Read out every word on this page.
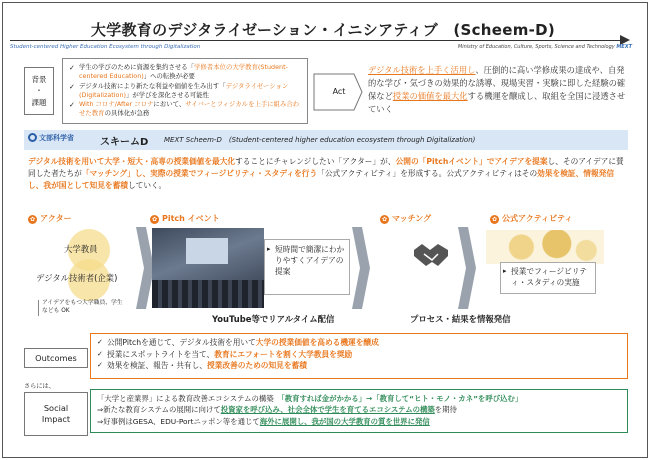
大学教育のデジタライゼーション・イニシアティブ　(Scheem-D)
Student-centered Higher Education Ecosystem through Digitalization	Ministry of Education, Culture, Sports, Science and Technology MEXT
背景
・
課題
✓ 学生の学びのために資源を集約させる「学修者本位の大学教育(Student-centered Education)」への転換が必要
✓ デジタル技術により新たな利益や価値を生み出す「デジタライゼーション(Digitalization)」が学びを深化させる可能性
✓ With コロナ/After コロナにおいて、サイバーとフィジカルを上手に組み合わせた教育の具体化が急務
Act
デジタル技術を上手く活用し、圧倒的に高い学修成果の達成や、自発的な学び・気づきの効果的な誘導、現場実習・実験に即した経験の確保など授業の価値を最大化する機運を醸成し、取組を全国に浸透させていく
文部科学省	スキームD MEXT Scheem-D　(Student-centered higher education ecosystem through Digitalization)
デジタル技術を用いて大学・短大・高専の授業価値を最大化することにチャレンジしたい「アクター」が、公開の「Pitchイベント」でアイデアを提案し、そのアイデアに賛同した者たちが「マッチング」し、実際の授業でフィージビリティ・スタディを行う「公式アクティビティ」を形成する。公式アクティビティはその効果を検証、情報発信し、我が国として知見を蓄積していく。
✿ アクター
大学教員
デジタル技術者(企業)
アイデアをもつ大学職員、学生なども OK
✿ Pitch イベント
▸ 短時間で簡潔にわかりやすくアイデアの提案
YouTube等でリアルタイム配信
✿ マッチング	✿ 公式アクティビティ
▸ 授業でフィージビリティ・スタディの実施
プロセス・結果を情報発信
Outcomes
✓ 公開Pitchを通じて、デジタル技術を用いて大学の授業価値を高める機運を醸成
✓ 授業にスポットライトを当て、教育にエフォートを割く大学教員を奨励
✓ 効果を検証、報告・共有し、授業改善のための知見を蓄積
さらには、
Social
Impact
「大学と産業界」による教育改善エコシステムの構築　「教育すれば金がかかる」→「教育して“ヒト・モノ・カネ”を呼び込む」
⇒新たな教育システムの展開に向けて投資家を呼び込み、社会全体で学生を育てるエコシステムの構築を期待
⇒好事例はGESA、EDU-Portニッポン等を通じて海外に展開し、我が国の大学教育の質を世界に発信
